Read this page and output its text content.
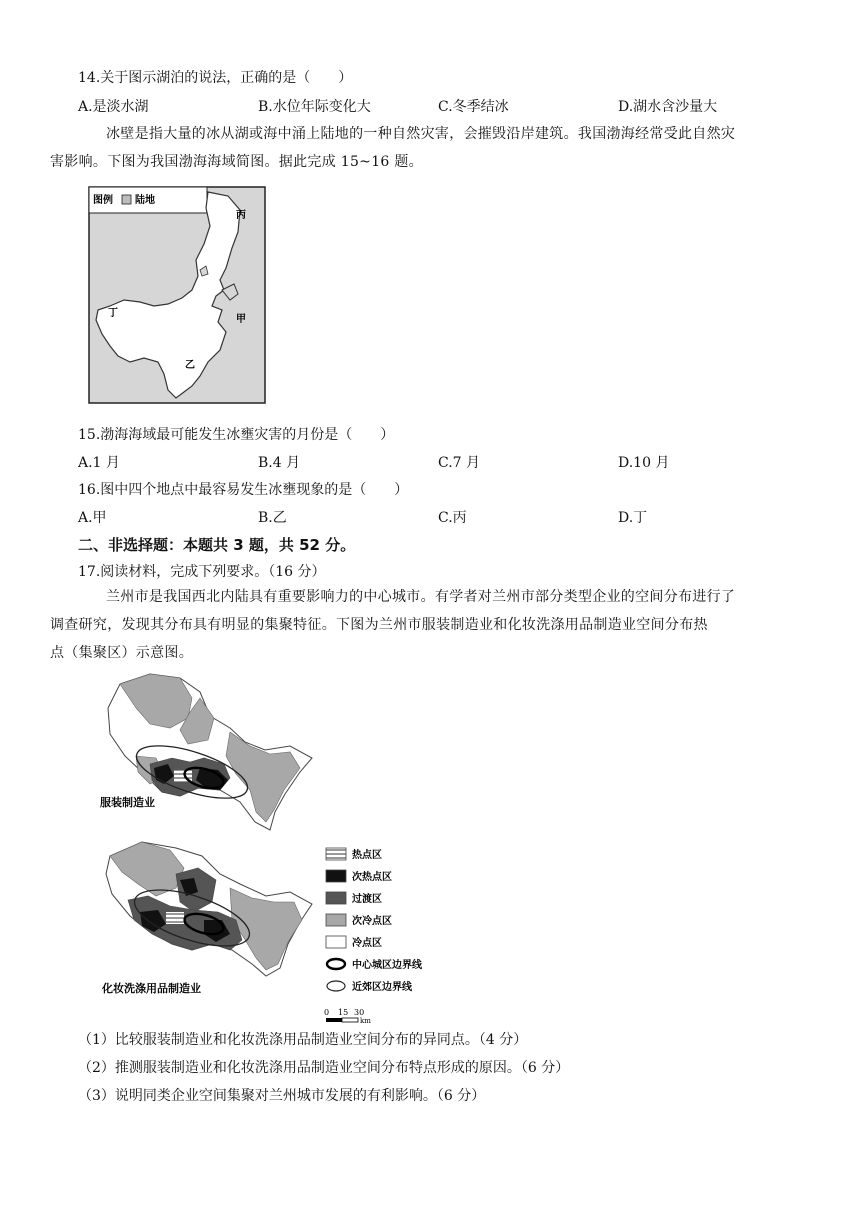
14.关于图示湖泊的说法，正确的是（　　）
A.是淡水湖	B.水位年际变化大	C.冬季结冰	D.湖水含沙量大
冰壁是指大量的冰从湖或海中涌上陆地的一种自然灾害，会摧毁沿岸建筑。我国渤海经常受此自然灾
害影响。下图为我国渤海海域简图。据此完成 15~16 题。
图例 陆地
丙
甲
乙
丁
15.渤海海域最可能发生冰壅灾害的月份是（　　）
A.1 月	B.4 月	C.7 月	D.10 月
16.图中四个地点中最容易发生冰壅现象的是（　　）
A.甲	B.乙	C.丙	D.丁
二、非选择题：本题共 3 题，共 52 分。
17.阅读材料，完成下列要求。（16 分）
兰州市是我国西北内陆具有重要影响力的中心城市。有学者对兰州市部分类型企业的空间分布进行了
调查研究，发现其分布具有明显的集聚特征。下图为兰州市服装制造业和化妆洗涤用品制造业空间分布热
点（集聚区）示意图。
服装制造业
化妆洗涤用品制造业
热点区
次热点区
过渡区
次冷点区
冷点区
中心城区边界线
近郊区边界线
0 15 30
km
（1）比较服装制造业和化妆洗涤用品制造业空间分布的异同点。（4 分）
（2）推测服装制造业和化妆洗涤用品制造业空间分布特点形成的原因。（6 分）
（3）说明同类企业空间集聚对兰州城市发展的有利影响。（6 分）
